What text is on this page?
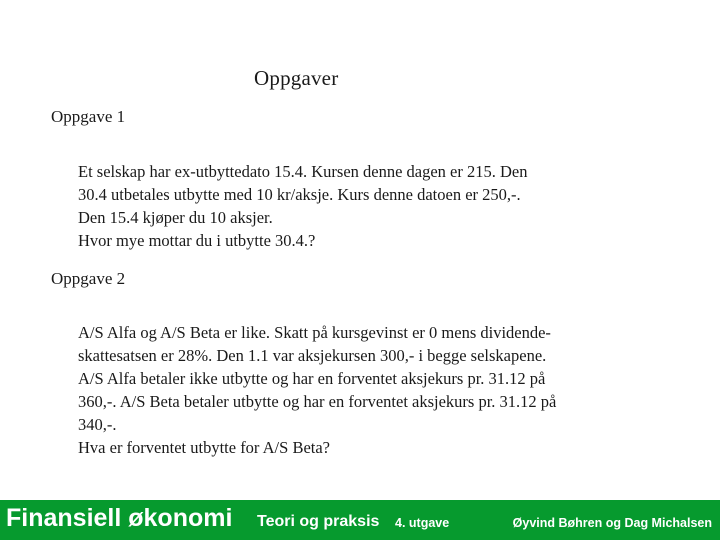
Oppgaver
Oppgave 1
Et selskap har ex-utbyttedato 15.4. Kursen denne dagen er 215. Den
30.4 utbetales utbytte med 10 kr/aksje. Kurs denne datoen er 250,-.
Den 15.4 kjøper du 10 aksjer.
Hvor mye mottar du i utbytte 30.4.?
Oppgave 2
A/S Alfa og A/S Beta er like. Skatt på kursgevinst er 0 mens dividende-
skattesatsen er 28%. Den 1.1 var aksjekursen 300,- i begge selskapene.
A/S Alfa betaler ikke utbytte og har en forventet aksjekurs pr. 31.12 på
360,-. A/S Beta betaler utbytte og har en forventet aksjekurs pr. 31.12 på
340,-.
Hva er forventet utbytte for A/S Beta?
Finansiell økonomi Teori og praksis 4. utgave	Øyvind Bøhren og Dag Michalsen
